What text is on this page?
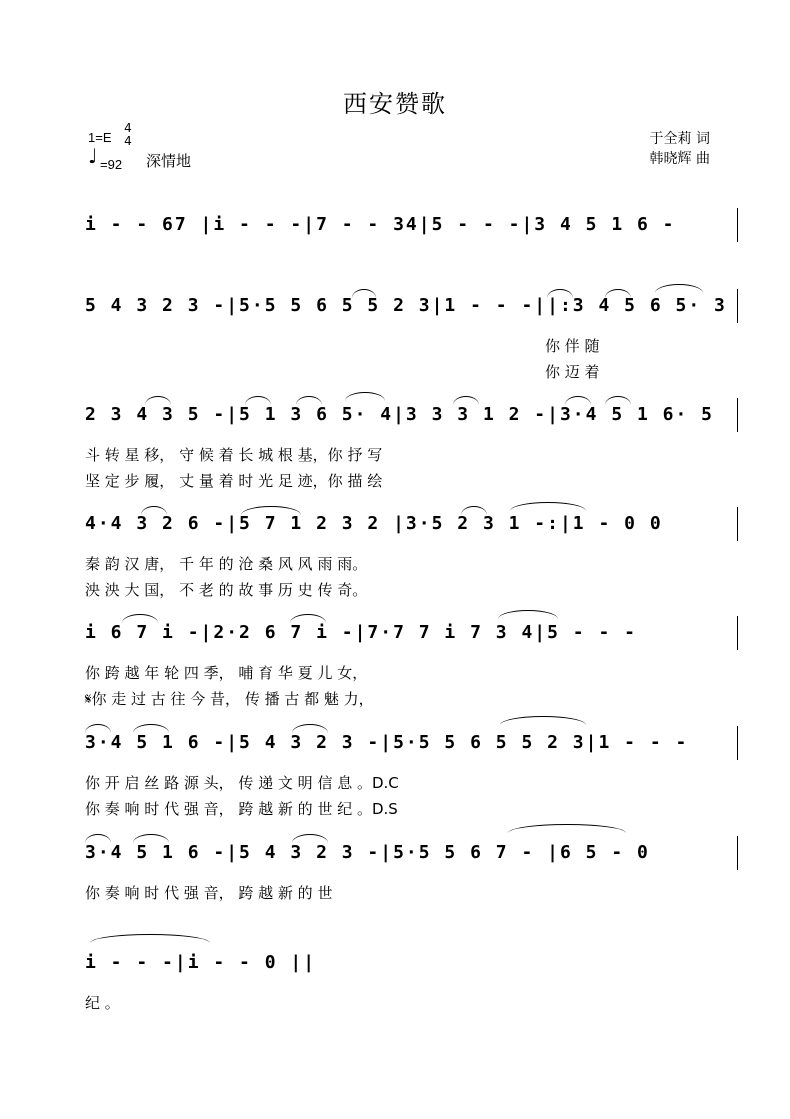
西安赞歌
1=E
4
4
♩ =92 深情地
于全莉 词
韩晓辉 曲
i - - 67 |i - - -|7 - - 34|5 - - -|3 4 5 1 6 -
5 4 3 2 3 -|5·5 5 6 5 5 2 3|1 - - -||:3 4 5 6 5· 3
你 伴 随
你 迈 着
2 3 4 3 5 -|5 1 3 6 5· 4|3 3 3 1 2 -|3·4 5 1 6· 5
斗 转 星 移， 守 候 着 长 城 根 基，你 抒 写
坚 定 步 履， 丈 量 着 时 光 足 迹，你 描 绘
4·4 3 2 6 -|5 7 1 2 3 2 |3·5 2 3 1 -:|1 - 0 0
秦 韵 汉 唐， 千 年 的 沧 桑 风 风 雨 雨。
泱 泱 大 国， 不 老 的 故 事 历 史 传 奇。
i 6 7 i -|2·2 6 7 i -|7·7 7 i 7 3 4|5 - - -
你 跨 越 年 轮 四 季， 哺 育 华 夏 儿 女，
𝄋你 走 过 古 往 今 昔， 传 播 古 都 魅 力，
3·4 5 1 6 -|5 4 3 2 3 -|5·5 5 6 5 5 2 3|1 - - -
你 开 启 丝 路 源 头， 传 递 文 明 信 息 。D.C
你 奏 响 时 代 强 音， 跨 越 新 的 世 纪 。D.S
3·4 5 1 6 -|5 4 3 2 3 -|5·5 5 6 7 - |6 5 - 0
你 奏 响 时 代 强 音， 跨 越 新 的 世
i - - -|i - - 0 ||
纪 。
